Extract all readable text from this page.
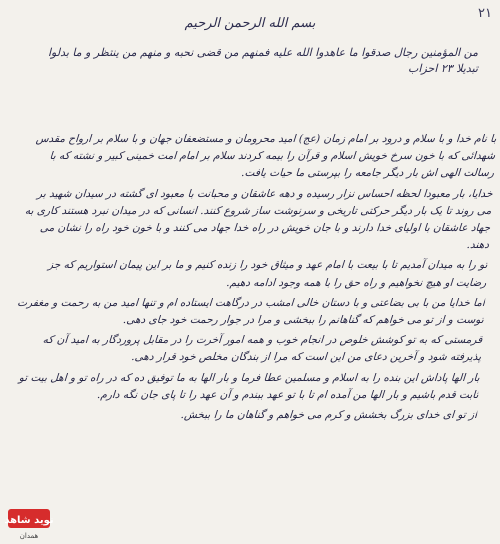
۲۱
بسم الله الرحمن الرحیم
من المؤمنین رجال صدقوا ما عاهدوا الله علیه فمنهم من قضی نحبه و منهم من ینتظر و ما بدلوا تبدیلا ۲۳ احزاب

با نام خدا و با سلام و درود بر امام زمان (عج) امید محرومان و مستضعفان جهان و با سلام بر ارواح مقدس شهدائی که با خون سرخ خویش اسلام و قرآن را بیمه کردند سلام بر امام امت خمینی کبیر و نشته که با رسالت الهی اش بار دیگر جامعه را بپرستی ما حیات یافت.

خدایا، بار معبودا لحظه احساس نزار رسیده و دهه عاشقان و محبانت با معبود ای گشته در سیدان شهید بر می روند تا یک بار دیگر حرکتی تاریخی و سرنوشت ساز شروع کنند. انسانی که در میدان نبرد هستند کاری به جهاد عاشقان با اولیای خدا دارند و با جان خویش در راه خدا جهاد می کنند و با خون خود راه را نشان می دهند.

تو را به میدان آمدیم تا با بیعت با امام عهد و میثاق خود را زنده کنیم و ما بر این پیمان استواریم که جز رضایت او هیچ نخواهیم و راه حق را با همه وجود ادامه دهیم.

اما خدایا من با بی بضاعتی و با دستان خالی امشب در درگاهت ایستاده ام و تنها امید من به رحمت و مغفرت توست و از تو می خواهم که گناهانم را ببخشی و مرا در جوار رحمت خود جای دهی.

قرمستی که به تو کوشش خلوص در انجام خوب و همه امور آخرت را در مقابل پروردگار به امید آن که پذیرفته شود و آخرین دعای من این است که مرا از بندگان مخلص خود قرار دهی.

بار الها پاداش این بنده را به اسلام و مسلمین عطا فرما و بار الها به ما توفیق ده که در راه تو و اهل بیت تو ثابت قدم باشیم و بار الها من آمده ام تا با تو عهد ببندم و آن عهد را تا پای جان نگه دارم.

از تو ای خدای بزرگ بخشش و کرم می خواهم و گناهان ما را ببخش.

نوید شاهد
همدان
